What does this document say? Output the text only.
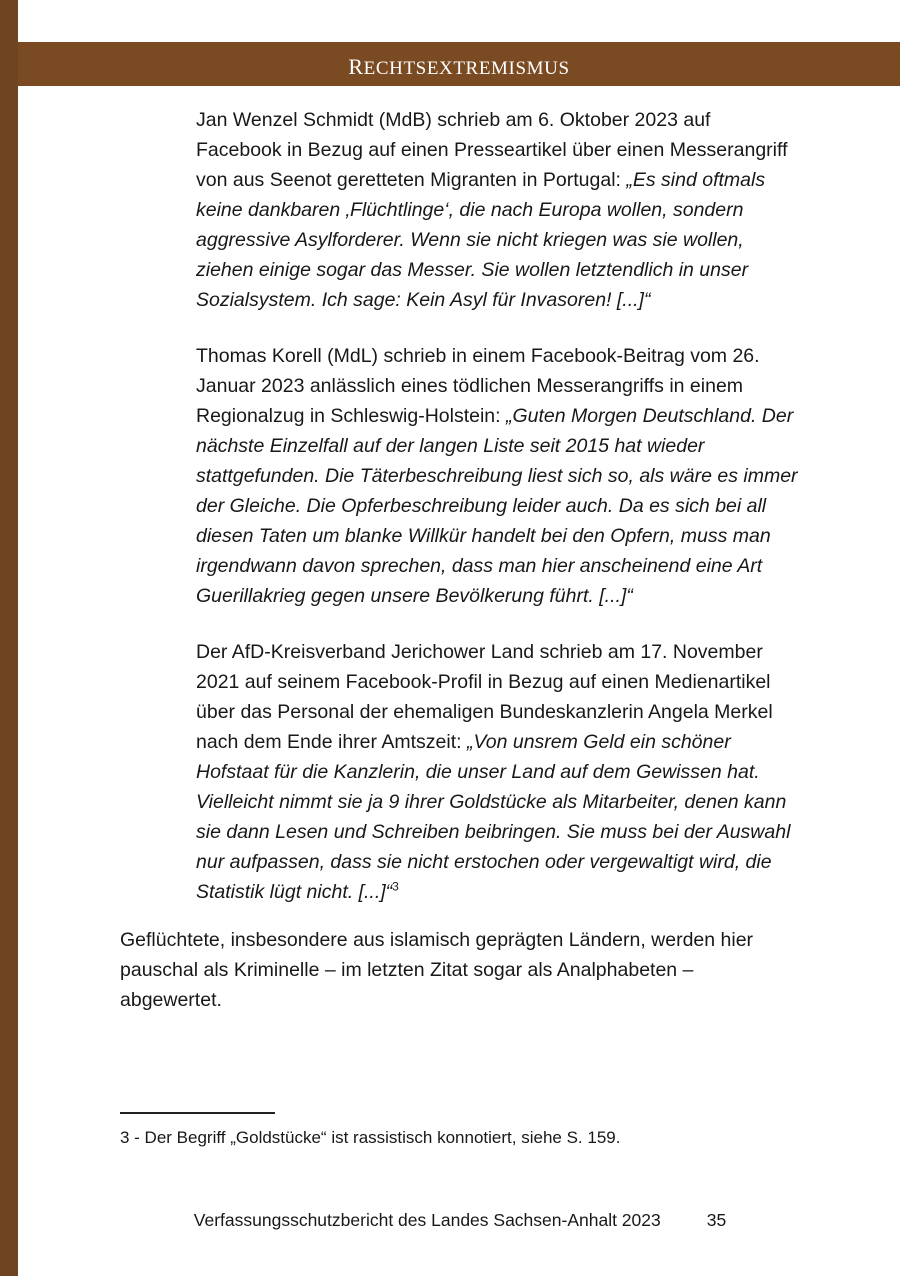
rechtsextremismus

Jan Wenzel Schmidt (MdB) schrieb am 6. Oktober 2023 auf Facebook in Bezug auf einen Presseartikel über einen Messerangriff von aus Seenot geretteten Migranten in Portugal: „Es sind oftmals keine dankbaren ‚Flüchtlinge‘, die nach Europa wollen, sondern aggressive Asylforderer. Wenn sie nicht kriegen was sie wollen, ziehen einige sogar das Messer. Sie wollen letztendlich in unser Sozialsystem. Ich sage: Kein Asyl für Invasoren! [...]“

Thomas Korell (MdL) schrieb in einem Facebook-Beitrag vom 26. Januar 2023 anlässlich eines tödlichen Messerangriffs in einem Regionalzug in Schleswig-Holstein: „Guten Morgen Deutschland. Der nächste Einzelfall auf der langen Liste seit 2015 hat wieder stattgefunden. Die Täterbeschreibung liest sich so, als wäre es immer der Gleiche. Die Opferbeschreibung leider auch. Da es sich bei all diesen Taten um blanke Willkür handelt bei den Opfern, muss man irgendwann davon sprechen, dass man hier anscheinend eine Art Guerillakrieg gegen unsere Bevölkerung führt. [...]“

Der AfD-Kreisverband Jerichower Land schrieb am 17. November 2021 auf seinem Facebook-Profil in Bezug auf einen Medienartikel über das Personal der ehemaligen Bundeskanzlerin Angela Merkel nach dem Ende ihrer Amtszeit: „Von unsrem Geld ein schöner Hofstaat für die Kanzlerin, die unser Land auf dem Gewissen hat. Vielleicht nimmt sie ja 9 ihrer Goldstücke als Mitarbeiter, denen kann sie dann Lesen und Schreiben beibringen. Sie muss bei der Auswahl nur aufpassen, dass sie nicht erstochen oder vergewaltigt wird, die Statistik lügt nicht. [...]“$^3$

Geflüchtete, insbesondere aus islamisch geprägten Ländern, werden hier pauschal als Kriminelle – im letzten Zitat sogar als Analphabeten – abgewertet.

3 - Der Begriff „Goldstücke“ ist rassistisch konnotiert, siehe S. 159.
Verfassungsschutzbericht des Landes Sachsen-Anhalt 2023	35
